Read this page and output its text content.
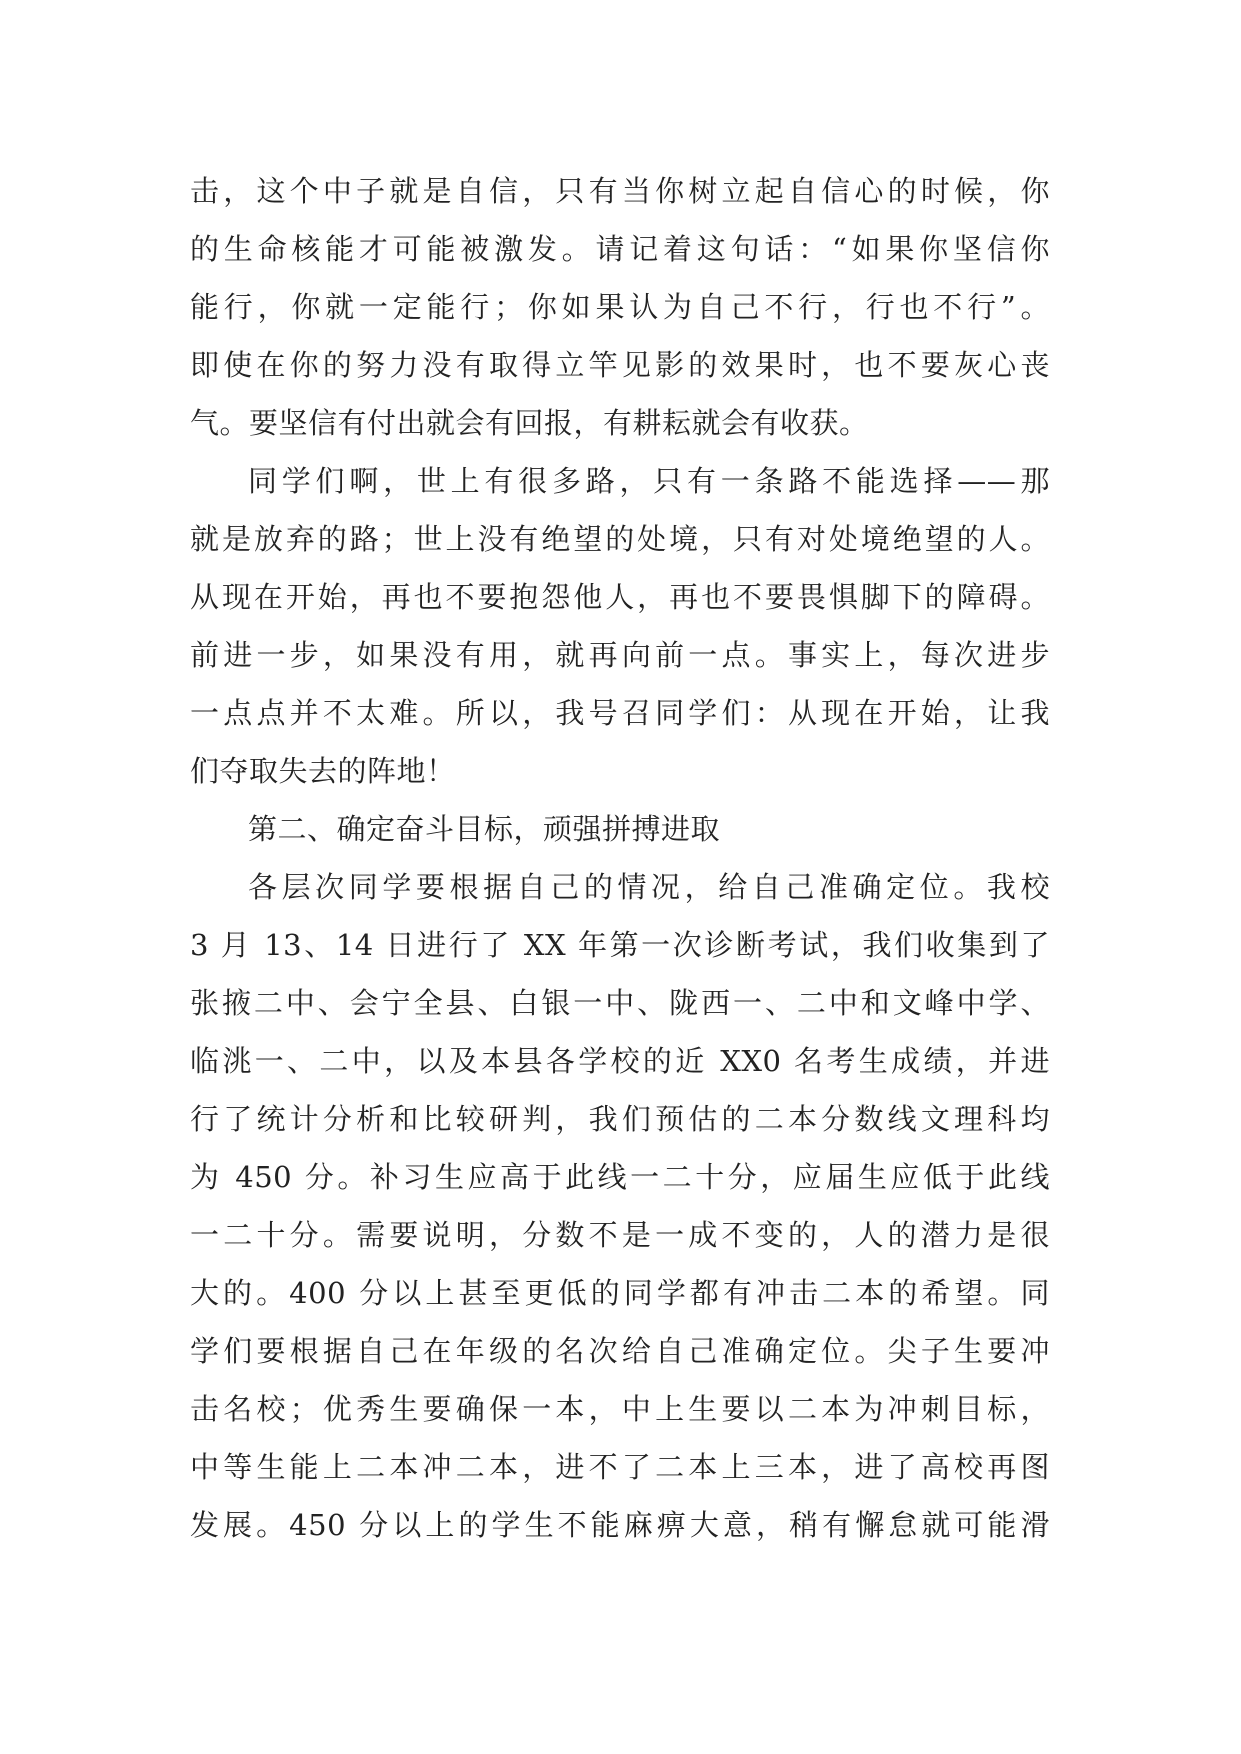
击，这个中子就是自信，只有当你树立起自信心的时候，你
的生命核能才可能被激发。请记着这句话：“如果你坚信你
能行，你就一定能行；你如果认为自己不行，行也不行”。
即使在你的努力没有取得立竿见影的效果时，也不要灰心丧
气。要坚信有付出就会有回报，有耕耘就会有收获。
同学们啊，世上有很多路，只有一条路不能选择——那
就是放弃的路；世上没有绝望的处境，只有对处境绝望的人。
从现在开始，再也不要抱怨他人，再也不要畏惧脚下的障碍。
前进一步，如果没有用，就再向前一点。事实上，每次进步
一点点并不太难。所以，我号召同学们：从现在开始，让我
们夺取失去的阵地！
第二、确定奋斗目标，顽强拼搏进取
各层次同学要根据自己的情况，给自己准确定位。我校
3 月 13、14 日进行了 XX 年第一次诊断考试，我们收集到了
张掖二中、会宁全县、白银一中、陇西一、二中和文峰中学、
临洮一、二中，以及本县各学校的近 XX0 名考生成绩，并进
行了统计分析和比较研判，我们预估的二本分数线文理科均
为 450 分。补习生应高于此线一二十分，应届生应低于此线
一二十分。需要说明，分数不是一成不变的，人的潜力是很
大的。400 分以上甚至更低的同学都有冲击二本的希望。同
学们要根据自己在年级的名次给自己准确定位。尖子生要冲
击名校；优秀生要确保一本，中上生要以二本为冲刺目标，
中等生能上二本冲二本，进不了二本上三本，进了高校再图
发展。450 分以上的学生不能麻痹大意，稍有懈怠就可能滑
